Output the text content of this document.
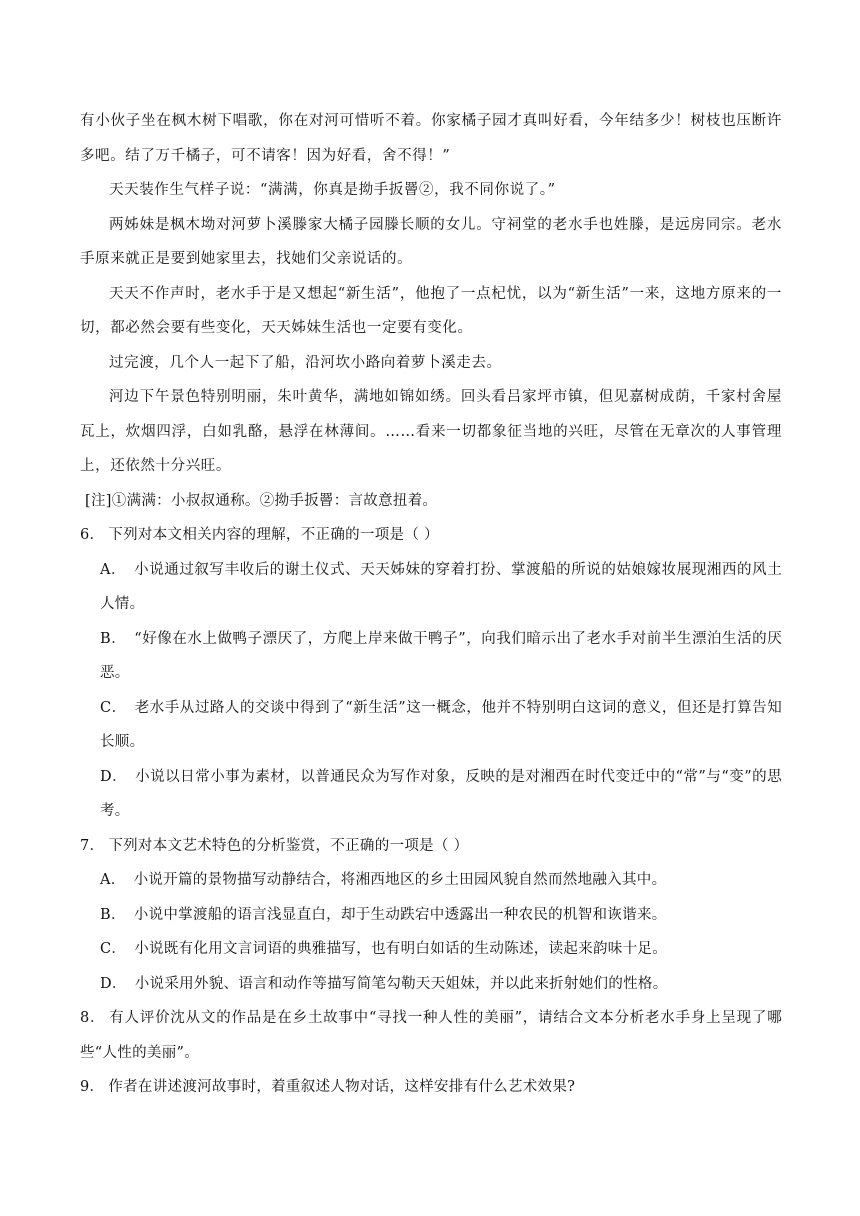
有小伙子坐在枫木树下唱歌，你在对河可惜听不着。你家橘子园才真叫好看，今年结多少！树枝也压断许多吧。结了万千橘子，可不请客！因为好看，舍不得！”

天天装作生气样子说：“满满，你真是拗手扳罾②，我不同你说了。”

两姊妹是枫木坳对河萝卜溪滕家大橘子园滕长顺的女儿。守祠堂的老水手也姓滕，是远房同宗。老水手原来就正是要到她家里去，找她们父亲说话的。

天天不作声时，老水手于是又想起“新生活”，他抱了一点杞忧，以为“新生活”一来，这地方原来的一切，都必然会要有些变化，天天姊妹生活也一定要有变化。

过完渡，几个人一起下了船，沿河坎小路向着萝卜溪走去。

河边下午景色特别明丽，朱叶黄华，满地如锦如绣。回头看吕家坪市镇，但见嘉树成荫，千家村舍屋瓦上，炊烟四浮，白如乳酪，悬浮在林薄间。……看来一切都象征当地的兴旺，尽管在无章次的人事管理上，还依然十分兴旺。

[注]①满满：小叔叔通称。②拗手扳罾：言故意扭着。

6． 下列对本文相关内容的理解，不正确的一项是（ ）

A． 小说通过叙写丰收后的谢土仪式、天天姊妹的穿着打扮、掌渡船的所说的姑娘嫁妆展现湘西的风土人情。

B． “好像在水上做鸭子漂厌了，方爬上岸来做干鸭子”，向我们暗示出了老水手对前半生漂泊生活的厌恶。

C． 老水手从过路人的交谈中得到了“新生活”这一概念，他并不特别明白这词的意义，但还是打算告知长顺。

D． 小说以日常小事为素材，以普通民众为写作对象，反映的是对湘西在时代变迁中的“常”与“变”的思考。

7． 下列对本文艺术特色的分析鉴赏，不正确的一项是（ ）

A． 小说开篇的景物描写动静结合，将湘西地区的乡土田园风貌自然而然地融入其中。

B． 小说中掌渡船的语言浅显直白，却于生动跌宕中透露出一种农民的机智和诙谐来。

C． 小说既有化用文言词语的典雅描写，也有明白如话的生动陈述，读起来韵味十足。

D． 小说采用外貌、语言和动作等描写简笔勾勒天天姐妹，并以此来折射她们的性格。

8． 有人评价沈从文的作品是在乡土故事中“寻找一种人性的美丽”，请结合文本分析老水手身上呈现了哪些“人性的美丽”。

9． 作者在讲述渡河故事时，着重叙述人物对话，这样安排有什么艺术效果?
